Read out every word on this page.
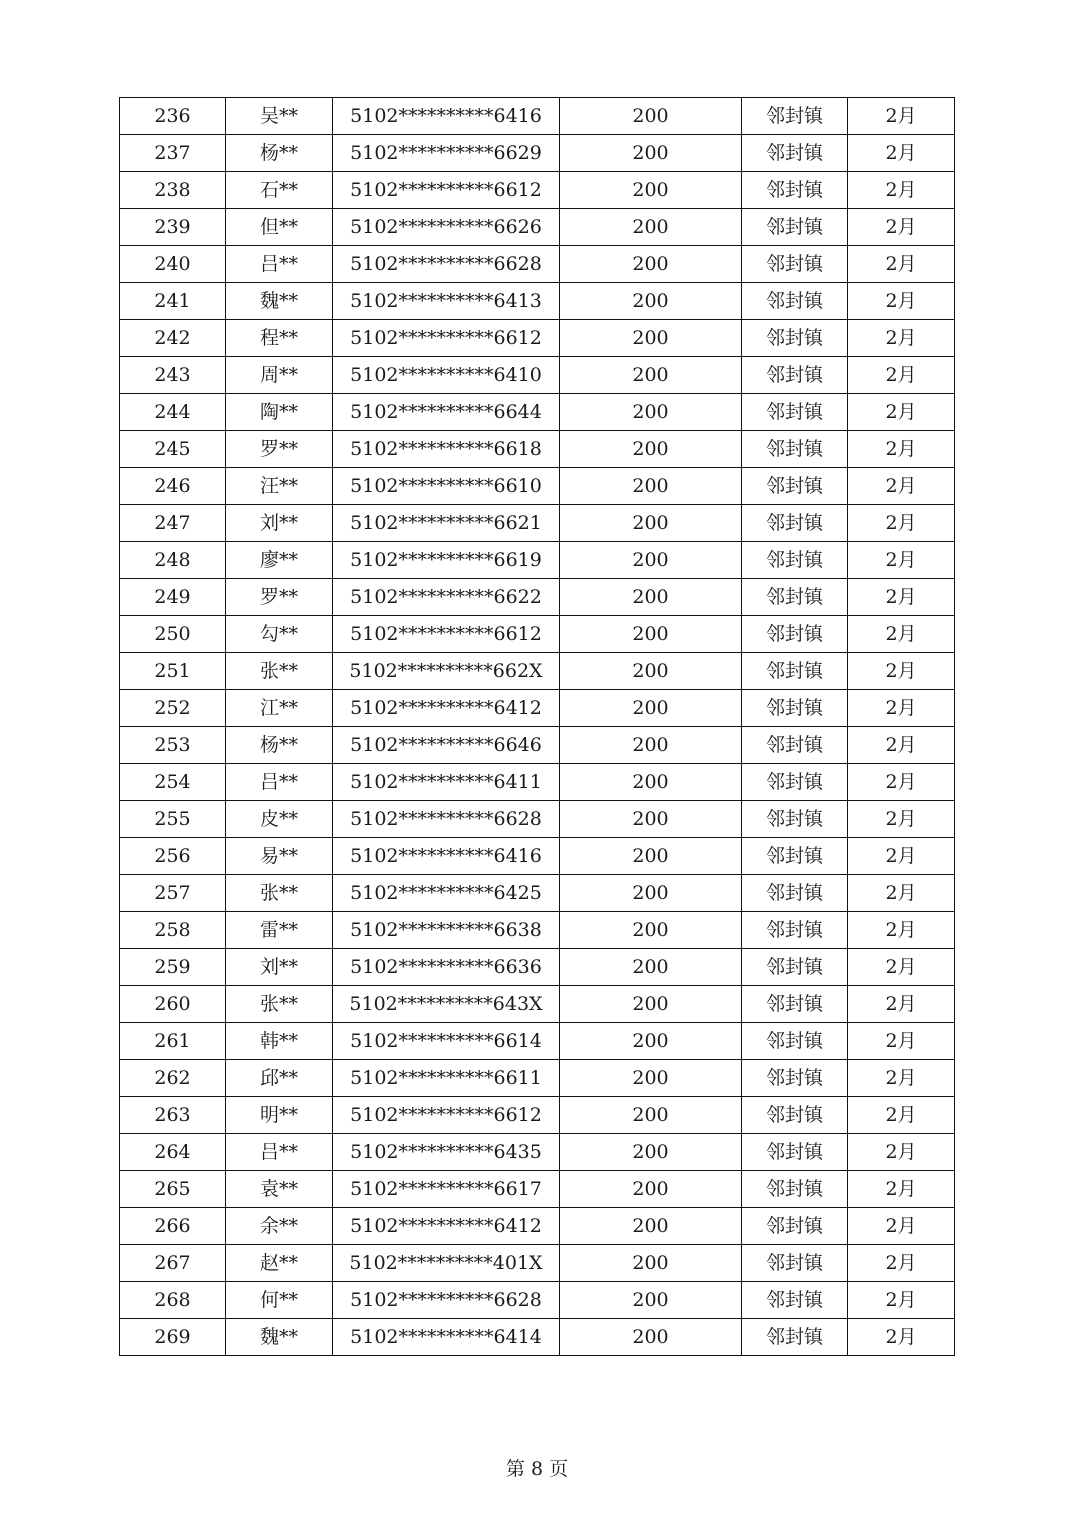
236	吴**	5102**********6416	200	邻封镇	2月
237	杨**	5102**********6629	200	邻封镇	2月
238	石**	5102**********6612	200	邻封镇	2月
239	但**	5102**********6626	200	邻封镇	2月
240	吕**	5102**********6628	200	邻封镇	2月
241	魏**	5102**********6413	200	邻封镇	2月
242	程**	5102**********6612	200	邻封镇	2月
243	周**	5102**********6410	200	邻封镇	2月
244	陶**	5102**********6644	200	邻封镇	2月
245	罗**	5102**********6618	200	邻封镇	2月
246	汪**	5102**********6610	200	邻封镇	2月
247	刘**	5102**********6621	200	邻封镇	2月
248	廖**	5102**********6619	200	邻封镇	2月
249	罗**	5102**********6622	200	邻封镇	2月
250	勾**	5102**********6612	200	邻封镇	2月
251	张**	5102**********662X	200	邻封镇	2月
252	江**	5102**********6412	200	邻封镇	2月
253	杨**	5102**********6646	200	邻封镇	2月
254	吕**	5102**********6411	200	邻封镇	2月
255	皮**	5102**********6628	200	邻封镇	2月
256	易**	5102**********6416	200	邻封镇	2月
257	张**	5102**********6425	200	邻封镇	2月
258	雷**	5102**********6638	200	邻封镇	2月
259	刘**	5102**********6636	200	邻封镇	2月
260	张**	5102**********643X	200	邻封镇	2月
261	韩**	5102**********6614	200	邻封镇	2月
262	邱**	5102**********6611	200	邻封镇	2月
263	明**	5102**********6612	200	邻封镇	2月
264	吕**	5102**********6435	200	邻封镇	2月
265	袁**	5102**********6617	200	邻封镇	2月
266	余**	5102**********6412	200	邻封镇	2月
267	赵**	5102**********401X	200	邻封镇	2月
268	何**	5102**********6628	200	邻封镇	2月
269	魏**	5102**********6414	200	邻封镇	2月
第 8 页
